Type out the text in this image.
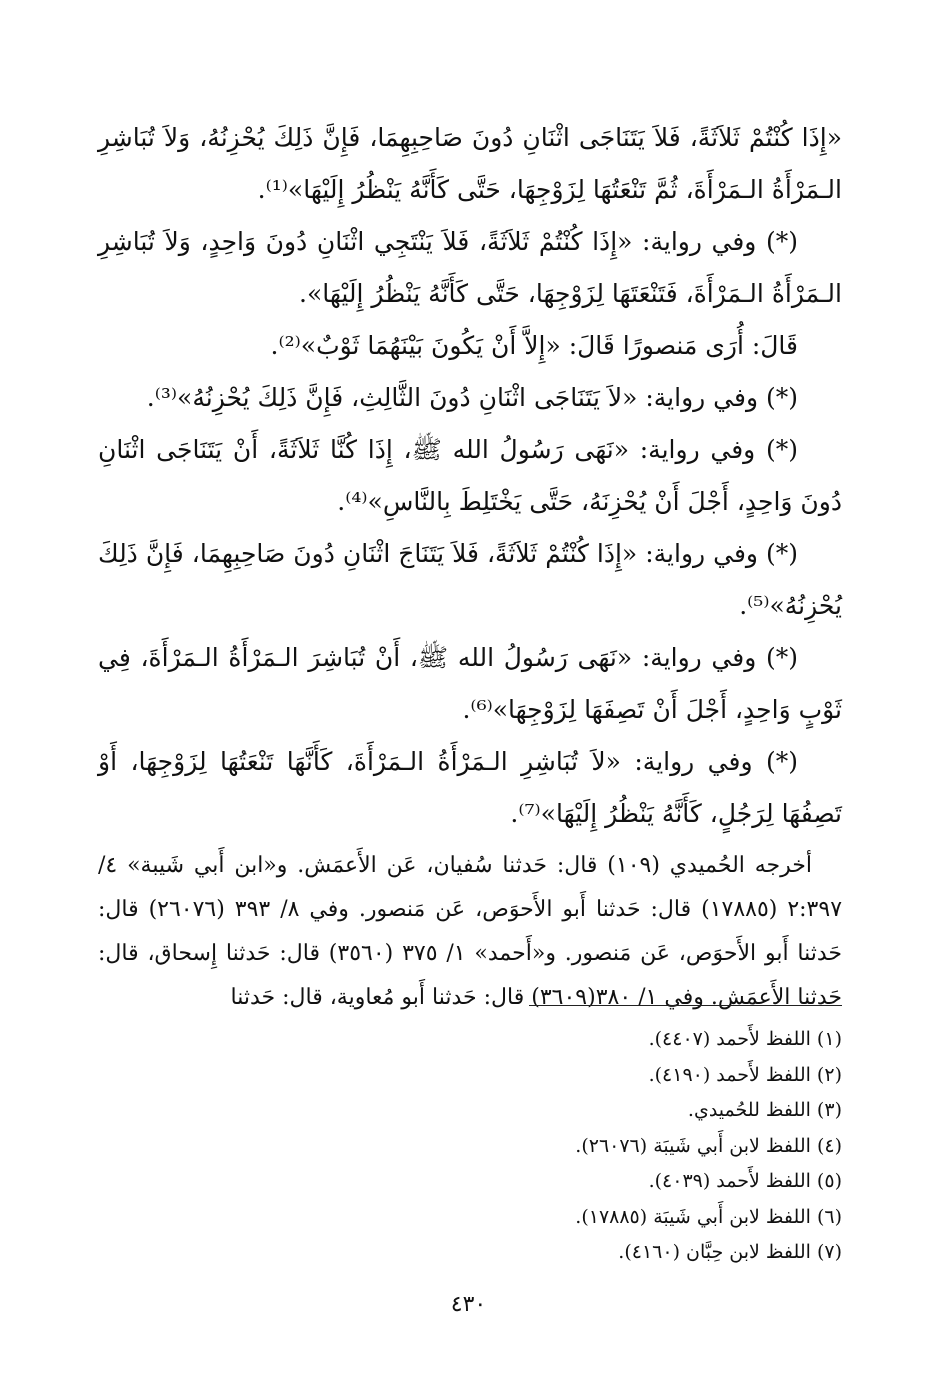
«إِذَا كُنْتُمْ ثَلاَثَةً، فَلاَ يَتَنَاجَى اثْنَانِ دُونَ صَاحِبِهِمَا، فَإِنَّ ذَلِكَ يُحْزِنُهُ، وَلاَ تُبَاشِرِ الـمَرْأَةُ الـمَرْأَةَ، ثُمَّ تَنْعَتُهَا لِزَوْجِهَا، حَتَّى كَأَنَّهُ يَنْظُرُ إِلَيْهَا»⁽¹⁾.

(*) وفي رواية: «إِذَا كُنْتُمْ ثَلاَثَةً، فَلاَ يَنْتَجِي اثْنَانِ دُونَ وَاحِدٍ، وَلاَ تُبَاشِرِ الـمَرْأَةُ الـمَرْأَةَ، فَتَنْعَتَهَا لِزَوْجِهَا، حَتَّى كَأَنَّهُ يَنْظُرُ إِلَيْهَا».

قَالَ: أُرَى مَنصورًا قَالَ: «إِلاَّ أَنْ يَكُونَ بَيْنَهُمَا ثَوْبٌ»⁽²⁾.

(*) وفي رواية: «لاَ يَتَنَاجَى اثْنَانِ دُونَ الثَّالِثِ، فَإِنَّ ذَلِكَ يُحْزِنُهُ»⁽³⁾.

(*) وفي رواية: «نَهَى رَسُولُ الله ﷺ، إِذَا كُنَّا ثَلاَثَةً، أَنْ يَتَنَاجَى اثْنَانِ دُونَ وَاحِدٍ، أَجْلَ أَنْ يُحْزِنَهُ، حَتَّى يَخْتَلِطَ بِالنَّاسِ»⁽⁴⁾.

(*) وفي رواية: «إِذَا كُنْتُمْ ثَلاَثَةً، فَلاَ يَتَنَاجَ اثْنَانِ دُونَ صَاحِبِهِمَا، فَإِنَّ ذَلِكَ يُحْزِنُهُ»⁽⁵⁾.

(*) وفي رواية: «نَهَى رَسُولُ الله ﷺ، أَنْ تُبَاشِرَ الـمَرْأَةُ الـمَرْأَةَ، فِي ثَوْبٍ وَاحِدٍ، أَجْلَ أَنْ تَصِفَهَا لِزَوْجِهَا»⁽⁶⁾.

(*) وفي رواية: «لاَ تُبَاشِرِ الـمَرْأَةُ الـمَرْأَةَ، كَأَنَّهَا تَنْعَتُهَا لِزَوْجِهَا، أَوْ تَصِفُهَا لِرَجُلٍ، كَأَنَّهُ يَنْظُرُ إِلَيْهَا»⁽⁷⁾.

أخرجه الحُميدي (١٠٩) قال: حَدثنا سُفيان، عَن الأَعمَش. و«ابن أَبي شَيبة» ٤/ ٢:٣٩٧ (١٧٨٨٥) قال: حَدثنا أَبو الأَحوَص، عَن مَنصور. وفي ٨/ ٣٩٣ (٢٦٠٧٦) قال: حَدثنا أَبو الأَحوَص، عَن مَنصور. و«أَحمد» ١/ ٣٧٥ (٣٥٦٠) قال: حَدثنا إِسحاق، قال: حَدثنا الأَعمَش. وفي ١/ ٣٨٠(٣٦٠٩) قال: حَدثنا أَبو مُعاوية، قال: حَدثنا

(١) اللفظ لأَحمد (٤٤٠٧).
(٢) اللفظ لأَحمد (٤١٩٠).
(٣) اللفظ للحُميدي.
(٤) اللفظ لابن أَبي شَيبَة (٢٦٠٧٦).
(٥) اللفظ لأَحمد (٤٠٣٩).
(٦) اللفظ لابن أَبي شَيبَة (١٧٨٨٥).
(٧) اللفظ لابن حِبَّان (٤١٦٠).
٤٣٠
